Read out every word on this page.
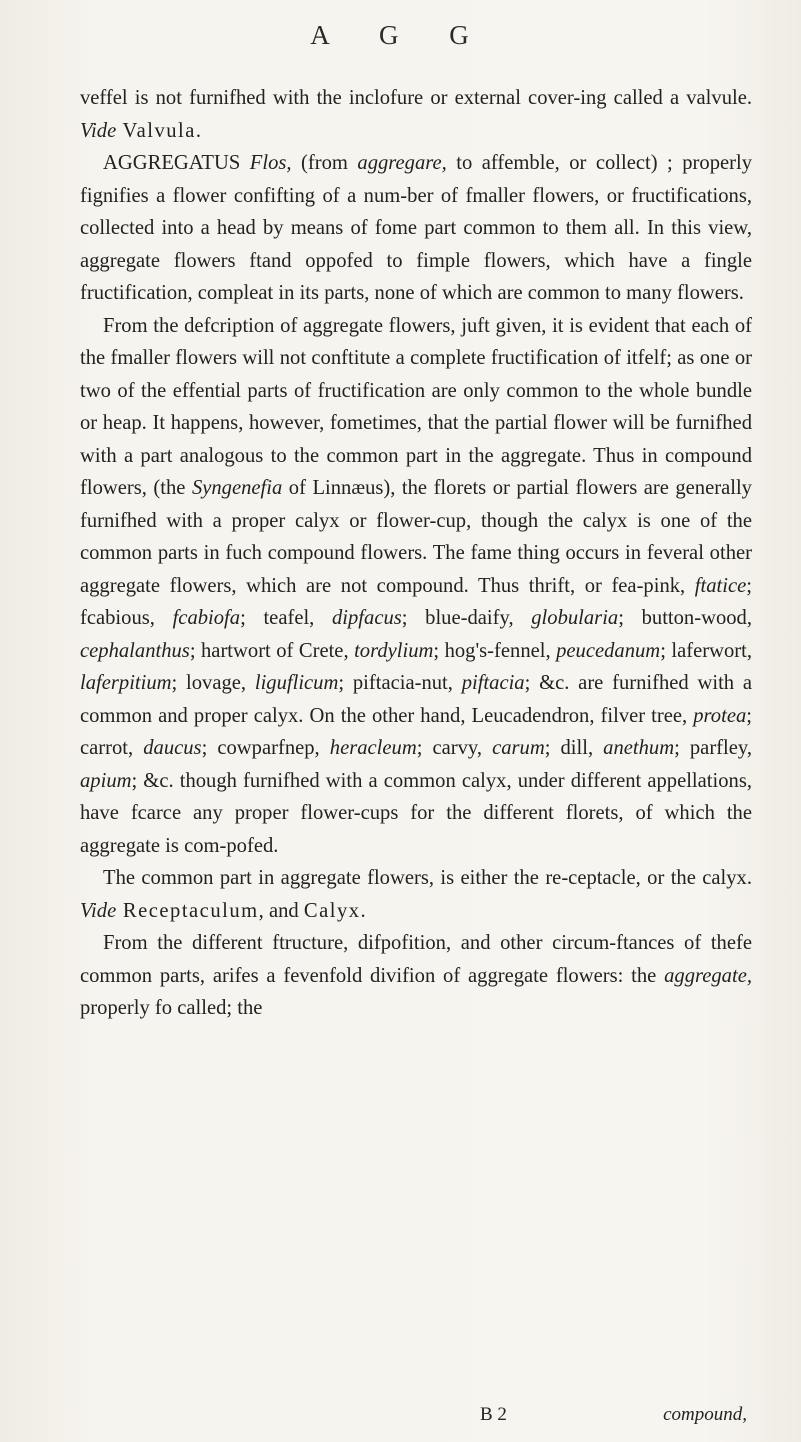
A G G

veffel is not furnifhed with the inclofure or external cover-ing called a valvule. Vide Valvula.

AGGREGATUS Flos, (from aggregare, to affemble, or collect) ; properly fignifies a flower confifting of a num-ber of fmaller flowers, or fructifications, collected into a head by means of fome part common to them all. In this view, aggregate flowers ftand oppofed to fimple flowers, which have a fingle fructification, compleat in its parts, none of which are common to many flowers.

From the defcription of aggregate flowers, juft given, it is evident that each of the fmaller flowers will not conftitute a complete fructification of itfelf; as one or two of the effential parts of fructification are only common to the whole bundle or heap. It happens, however, fometimes, that the partial flower will be furnifhed with a part analogous to the common part in the aggregate. Thus in compound flowers, (the Syngenefia of Linnæus), the florets or partial flowers are generally furnifhed with a proper calyx or flower-cup, though the calyx is one of the common parts in fuch compound flowers. The fame thing occurs in feveral other aggregate flowers, which are not compound. Thus thrift, or fea-pink, ftatice; fcabious, fcabiofa; teafel, dipfacus; blue-daify, globularia; button-wood, cephalanthus; hartwort of Crete, tordylium; hog's-fennel, peucedanum; laferwort, laferpitium; lovage, liguflicum; piftacia-nut, piftacia; &c. are furnifhed with a common and proper calyx. On the other hand, Leucadendron, filver tree, protea; carrot, daucus; cowparfnep, heracleum; carvy, carum; dill, anethum; parfley, apium; &c. though furnifhed with a common calyx, under different appellations, have fcarce any proper flower-cups for the different florets, of which the aggregate is com-pofed.

The common part in aggregate flowers, is either the re-ceptacle, or the calyx. Vide Receptaculum, and Calyx.

From the different ftructure, difpofition, and other circum-ftances of thefe common parts, arifes a fevenfold divifion of aggregate flowers: the aggregate, properly fo called; the

B 2	compound,
